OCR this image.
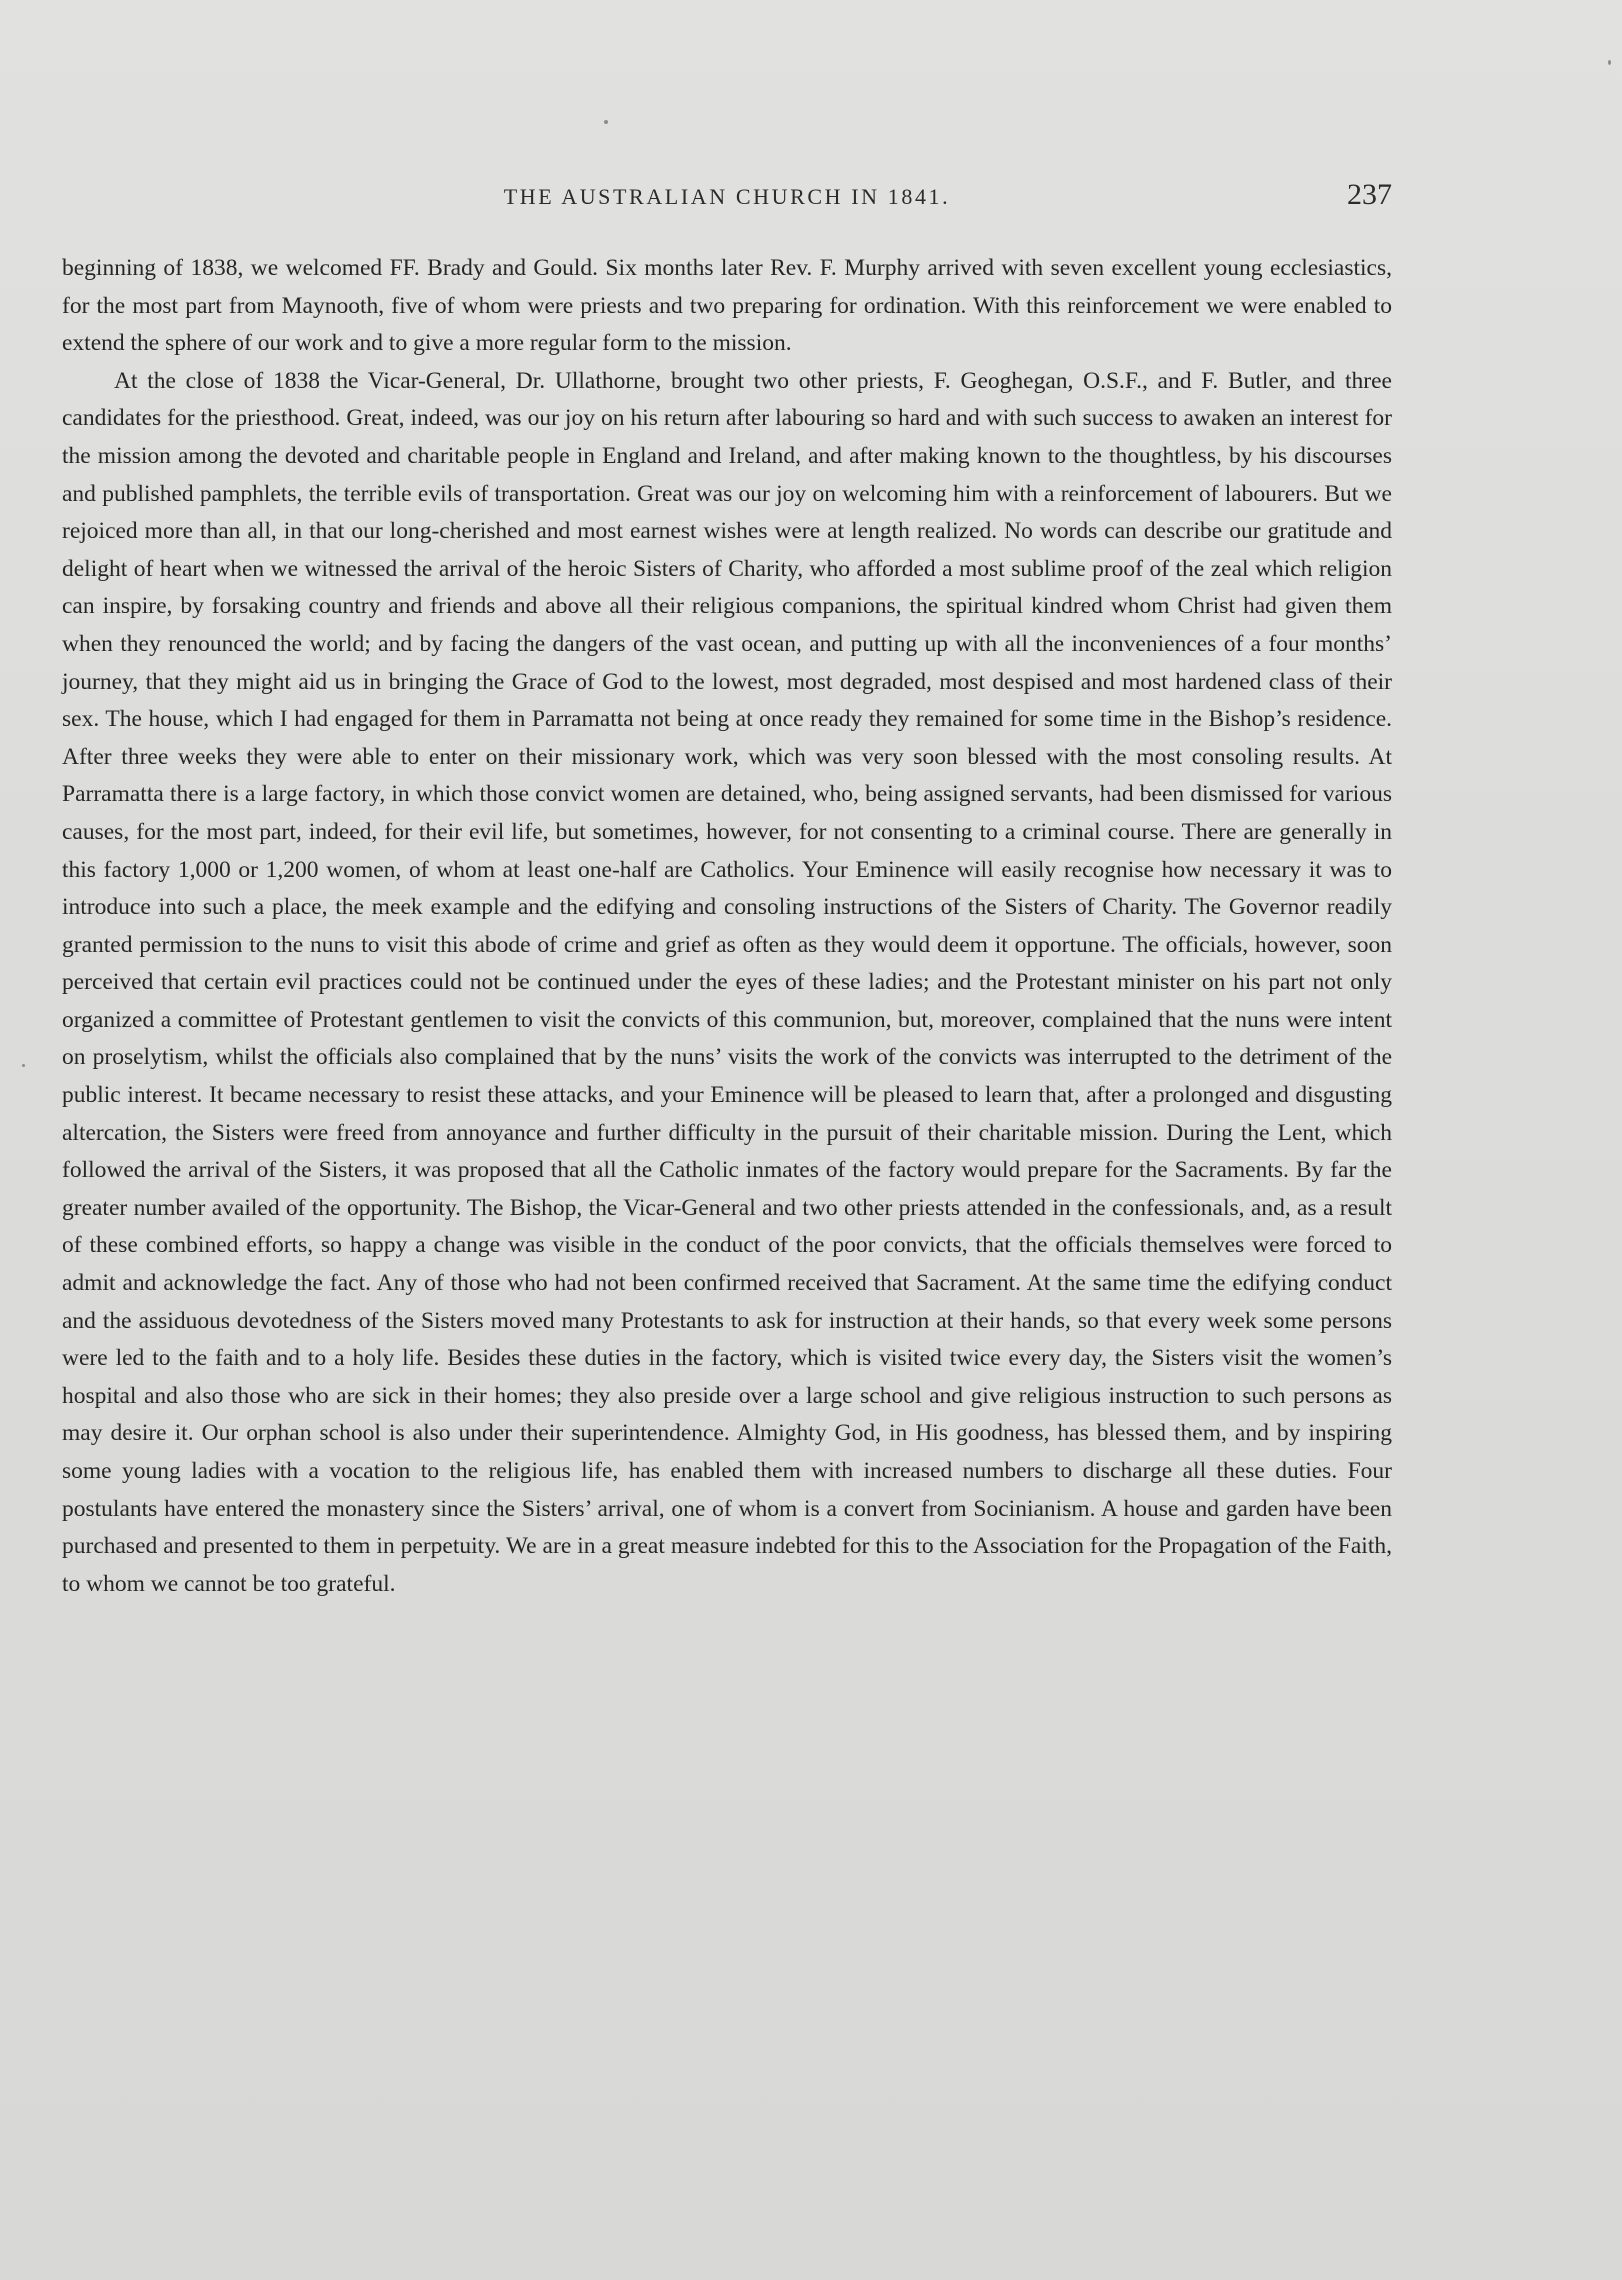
THE AUSTRALIAN CHURCH IN 1841.	237

beginning of 1838, we welcomed FF. Brady and Gould. Six months later Rev. F. Murphy arrived with seven excellent young ecclesiastics, for the most part from Maynooth, five of whom were priests and two preparing for ordination. With this reinforcement we were enabled to extend the sphere of our work and to give a more regular form to the mission.

At the close of 1838 the Vicar-General, Dr. Ullathorne, brought two other priests, F. Geoghegan, O.S.F., and F. Butler, and three candidates for the priesthood. Great, indeed, was our joy on his return after labouring so hard and with such success to awaken an interest for the mission among the devoted and charitable people in England and Ireland, and after making known to the thoughtless, by his discourses and published pamphlets, the terrible evils of transportation. Great was our joy on welcoming him with a reinforcement of labourers. But we rejoiced more than all, in that our long-cherished and most earnest wishes were at length realized. No words can describe our gratitude and delight of heart when we witnessed the arrival of the heroic Sisters of Charity, who afforded a most sublime proof of the zeal which religion can inspire, by forsaking country and friends and above all their religious companions, the spiritual kindred whom Christ had given them when they renounced the world; and by facing the dangers of the vast ocean, and putting up with all the inconveniences of a four months’ journey, that they might aid us in bringing the Grace of God to the lowest, most degraded, most despised and most hardened class of their sex. The house, which I had engaged for them in Parramatta not being at once ready they remained for some time in the Bishop’s residence. After three weeks they were able to enter on their missionary work, which was very soon blessed with the most consoling results. At Parramatta there is a large factory, in which those convict women are detained, who, being assigned servants, had been dismissed for various causes, for the most part, indeed, for their evil life, but sometimes, however, for not consenting to a criminal course. There are generally in this factory 1,000 or 1,200 women, of whom at least one-half are Catholics. Your Eminence will easily recognise how necessary it was to introduce into such a place, the meek example and the edifying and consoling instructions of the Sisters of Charity. The Governor readily granted permission to the nuns to visit this abode of crime and grief as often as they would deem it opportune. The officials, however, soon perceived that certain evil practices could not be continued under the eyes of these ladies; and the Protestant minister on his part not only organized a committee of Protestant gentlemen to visit the convicts of this communion, but, moreover, complained that the nuns were intent on proselytism, whilst the officials also complained that by the nuns’ visits the work of the convicts was interrupted to the detriment of the public interest. It became necessary to resist these attacks, and your Eminence will be pleased to learn that, after a prolonged and disgusting altercation, the Sisters were freed from annoyance and further difficulty in the pursuit of their charitable mission. During the Lent, which followed the arrival of the Sisters, it was proposed that all the Catholic inmates of the factory would prepare for the Sacraments. By far the greater number availed of the opportunity. The Bishop, the Vicar-General and two other priests attended in the confessionals, and, as a result of these combined efforts, so happy a change was visible in the conduct of the poor convicts, that the officials themselves were forced to admit and acknowledge the fact. Any of those who had not been confirmed received that Sacrament. At the same time the edifying conduct and the assiduous devotedness of the Sisters moved many Protestants to ask for instruction at their hands, so that every week some persons were led to the faith and to a holy life. Besides these duties in the factory, which is visited twice every day, the Sisters visit the women’s hospital and also those who are sick in their homes; they also preside over a large school and give religious instruction to such persons as may desire it. Our orphan school is also under their superintendence. Almighty God, in His goodness, has blessed them, and by inspiring some young ladies with a vocation to the religious life, has enabled them with increased numbers to discharge all these duties. Four postulants have entered the monastery since the Sisters’ arrival, one of whom is a convert from Socinianism. A house and garden have been purchased and presented to them in perpetuity. We are in a great measure indebted for this to the Association for the Propagation of the Faith, to whom we cannot be too grateful.
